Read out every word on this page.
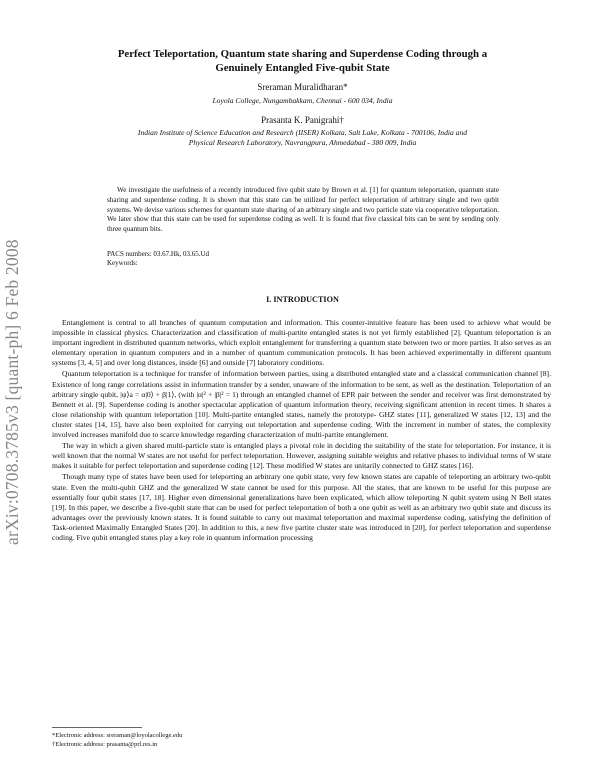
arXiv:0708.3785v3 [quant-ph] 6 Feb 2008
Perfect Teleportation, Quantum state sharing and Superdense Coding through a
Genuinely Entangled Five-qubit State
Sreraman Muralidharan*
Loyola College, Nungambakkam, Chennai - 600 034, India
Prasanta K. Panigrahi†
Indian Institute of Science Education and Research (IISER) Kolkata, Salt Lake, Kolkata - 700106, India and
Physical Research Laboratory, Navrangpura, Ahmedabad - 380 009, India

We investigate the usefulness of a recently introduced five qubit state by Brown et al. [1] for quantum teleportation, quantum state sharing and superdense coding. It is shown that this state can be utilized for perfect teleportation of arbitrary single and two qubit systems. We devise various schemes for quantum state sharing of an arbitrary single and two particle state via cooperative teleportation. We later show that this state can be used for superdense coding as well. It is found that five classical bits can be sent by sending only three quantum bits.

PACS numbers: 03.67.Hk, 03.65.Ud
Keywords:
I. INTRODUCTION

Entanglement is central to all branches of quantum computation and information. This counter-intuitive feature has been used to achieve what would be impossible in classical physics. Characterization and classification of multi-partite entangled states is not yet firmly established [2]. Quantum teleportation is an important ingredient in distributed quantum networks, which exploit entanglement for transferring a quantum state between two or more parties. It also serves as an elementary operation in quantum computers and in a number of quantum communication protocols. It has been achieved experimentally in different quantum systems [3, 4, 5] and over long distances, inside [6] and outside [7] laboratory conditions.

Quantum teleportation is a technique for transfer of information between parties, using a distributed entangled state and a classical communication channel [8]. Existence of long range correlations assist in information transfer by a sender, unaware of the information to be sent, as well as the destination. Teleportation of an arbitrary single qubit, |ψ⟩a = α|0⟩ + β|1⟩, (with |α|² + |β|² = 1) through an entangled channel of EPR pair between the sender and receiver was first demonstrated by Bennett et al. [9]. Superdense coding is another spectacular application of quantum information theory, receiving significant attention in recent times. It shares a close relationship with quantum teleportation [10]. Multi-partite entangled states, namely the prototype- GHZ states [11], generalized W states [12, 13] and the cluster states [14, 15], have also been exploited for carrying out teleportation and superdense coding. With the increment in number of states, the complexity involved increases manifold due to scarce knowledge regarding characterization of multi-partite entanglement.

The way in which a given shared multi-particle state is entangled plays a pivotal role in deciding the suitability of the state for teleportation. For instance, it is well known that the normal W states are not useful for perfect teleportation. However, assigning suitable weights and relative phases to individual terms of W state makes it suitable for perfect teleportation and superdense coding [12]. These modified W states are unitarily connected to GHZ states [16].

Though many type of states have been used for teleporting an arbitrary one qubit state, very few known states are capable of teleporting an arbitrary two-qubit state. Even the multi-qubit GHZ and the generalized W state cannot be used for this purpose. All the states, that are known to be useful for this purpose are essentially four qubit states [17, 18]. Higher even dimensional generalizations have been explicated, which allow teleporting N qubit system using N Bell states [19]. In this paper, we describe a five-qubit state that can be used for perfect teleportation of both a one qubit as well as an arbitrary two qubit state and discuss its advantages over the previously known states. It is found suitable to carry out maximal teleportation and maximal superdense coding, satisfying the definition of Task-oriented Maximally Entangled States [20]. In addition to this, a new five partite cluster state was introduced in [20], for perfect teleportation and superdense coding. Five qubit entangled states play a key role in quantum information processing

*Electronic address: sreraman@loyolacollege.edu
†Electronic address: prasanta@prl.res.in
